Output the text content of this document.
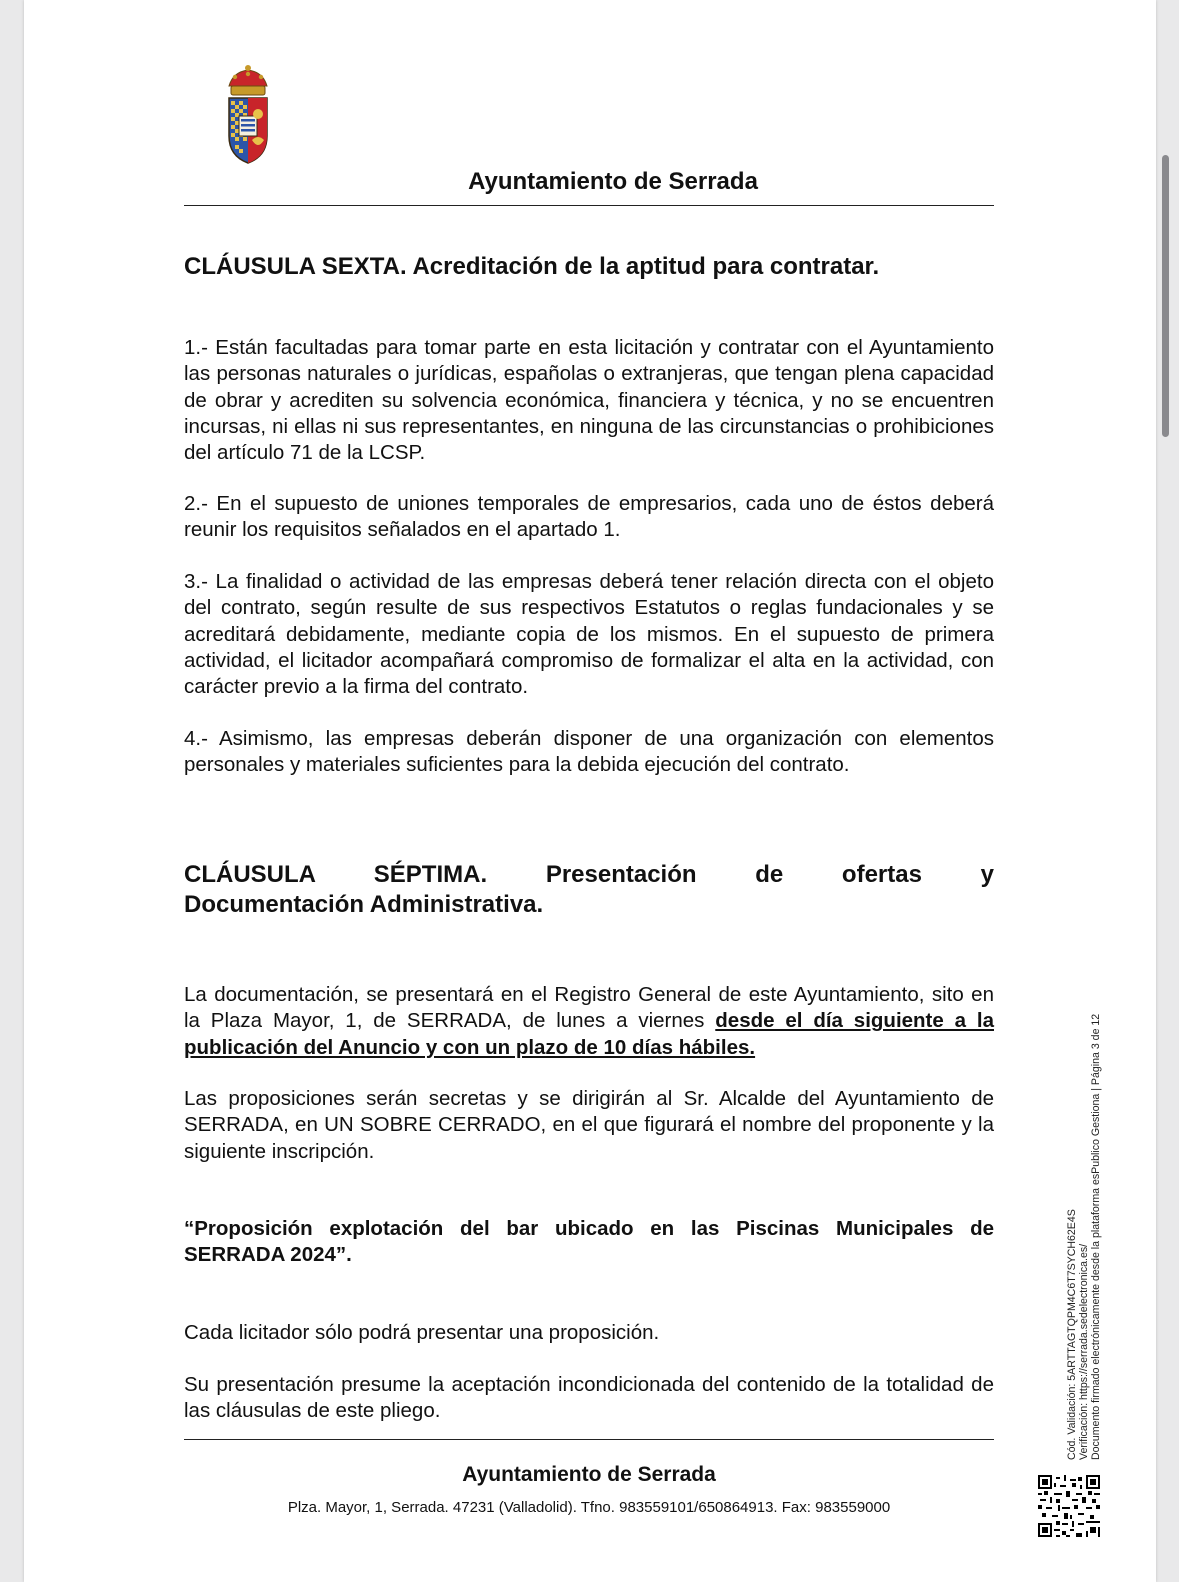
Ayuntamiento de Serrada
CLÁUSULA SEXTA. Acreditación de la aptitud para contratar.

1.- Están facultadas para tomar parte en esta licitación y contratar con el Ayuntamiento las personas naturales o jurídicas, españolas o extranjeras, que tengan plena capacidad de obrar y acrediten su solvencia económica, financiera y técnica, y no se encuentren incursas, ni ellas ni sus representantes, en ninguna de las circunstancias o prohibiciones del artículo 71 de la LCSP.

2.- En el supuesto de uniones temporales de empresarios, cada uno de éstos deberá reunir los requisitos señalados en el apartado 1.

3.- La finalidad o actividad de las empresas deberá tener relación directa con el objeto del contrato, según resulte de sus respectivos Estatutos o reglas fundacionales y se acreditará debidamente, mediante copia de los mismos. En el supuesto de primera actividad, el licitador acompañará compromiso de formalizar el alta en la actividad, con carácter previo a la firma del contrato.

4.- Asimismo, las empresas deberán disponer de una organización con elementos personales y materiales suficientes para la debida ejecución del contrato.

CLÁUSULA SÉPTIMA. Presentación de ofertas y
Documentación Administrativa.

La documentación, se presentará en el Registro General de este Ayuntamiento, sito en la Plaza Mayor, 1, de SERRADA, de lunes a viernes desde el día siguiente a la publicación del Anuncio y con un plazo de 10 días hábiles.

Las proposiciones serán secretas y se dirigirán al Sr. Alcalde del Ayuntamiento de SERRADA, en UN SOBRE CERRADO, en el que figurará el nombre del proponente y la siguiente inscripción.

“Proposición explotación del bar ubicado en las Piscinas Municipales de SERRADA 2024”.

Cada licitador sólo podrá presentar una proposición.

Su presentación presume la aceptación incondicionada del contenido de la totalidad de las cláusulas de este pliego.

Ayuntamiento de Serrada
Plza. Mayor, 1, Serrada. 47231 (Valladolid). Tfno. 983559101/650864913. Fax: 983559000
Cód. Validación: 5ARTTAGTQPM4C6T7SYCH62E4S Verificación: https://serrada.sedelectronica.es/ Documento firmado electrónicamente desde la plataforma esPublico Gestiona | Página 3 de 12
